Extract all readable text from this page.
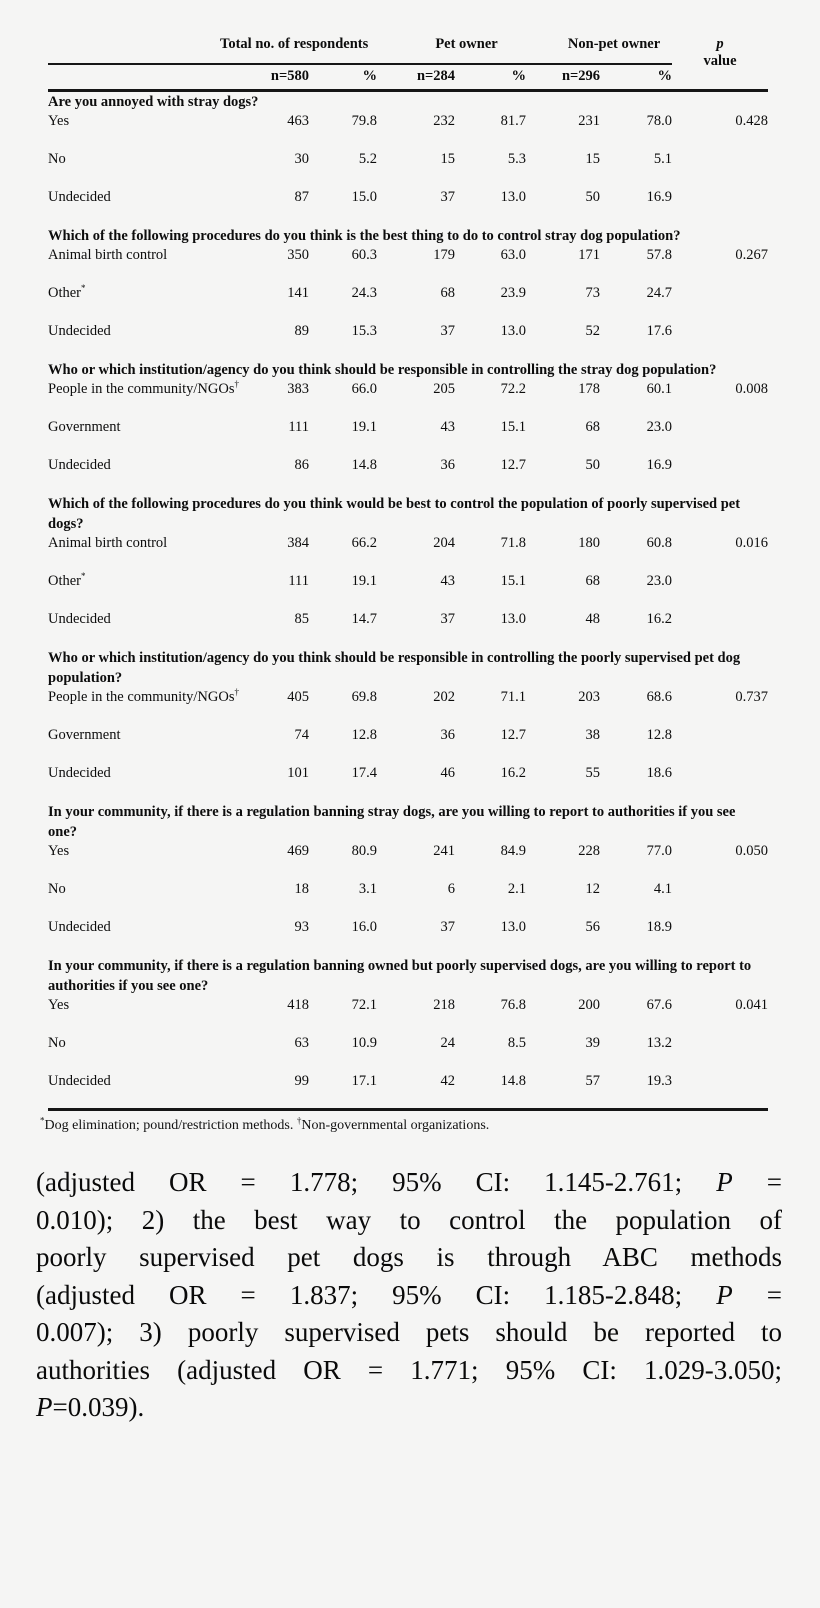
	Total no. of respondents		Pet owner		Non-pet owner		p
value
	n=580	%	n=284	%	n=296	%	
Are you annoyed with stray dogs?							
Yes	463	79.8	232	81.7	231	78.0	0.428
No	30	5.2	15	5.3	15	5.1	
Undecided	87	15.0	37	13.0	50	16.9	
Which of the following procedures do you think is the best thing to do to control stray dog population?							
Animal birth control	350	60.3	179	63.0	171	57.8	0.267
Other*	141	24.3	68	23.9	73	24.7	
Undecided	89	15.3	37	13.0	52	17.6	
Who or which institution/agency do you think should be responsible in controlling the stray dog population?							
People in the community/NGOs†	383	66.0	205	72.2	178	60.1	0.008
Government	111	19.1	43	15.1	68	23.0	
Undecided	86	14.8	36	12.7	50	16.9	
Which of the following procedures do you think would be best to control the population of poorly supervised pet dogs?							
Animal birth control	384	66.2	204	71.8	180	60.8	0.016
Other*	111	19.1	43	15.1	68	23.0	
Undecided	85	14.7	37	13.0	48	16.2	
Who or which institution/agency do you think should be responsible in controlling the poorly supervised pet dog population?							
People in the community/NGOs†	405	69.8	202	71.1	203	68.6	0.737
Government	74	12.8	36	12.7	38	12.8	
Undecided	101	17.4	46	16.2	55	18.6	
In your community, if there is a regulation banning stray dogs, are you willing to report to authorities if you see one?							
Yes	469	80.9	241	84.9	228	77.0	0.050
No	18	3.1	6	2.1	12	4.1	
Undecided	93	16.0	37	13.0	56	18.9	
In your community, if there is a regulation banning owned but poorly supervised dogs, are you willing to report to authorities if you see one?							
Yes	418	72.1	218	76.8	200	67.6	0.041
No	63	10.9	24	8.5	39	13.2	
Undecided	99	17.1	42	14.8	57	19.3	
*Dog elimination; pound/restriction methods. †Non-governmental organizations.
(adjusted OR = 1.778; 95% CI: 1.145-2.761; P =
0.010); 2) the best way to control the population of
poorly supervised pet dogs is through ABC methods
(adjusted OR = 1.837; 95% CI: 1.185-2.848; P =
0.007); 3) poorly supervised pets should be reported to
authorities (adjusted OR = 1.771; 95% CI: 1.029-3.050;
P=0.039).
